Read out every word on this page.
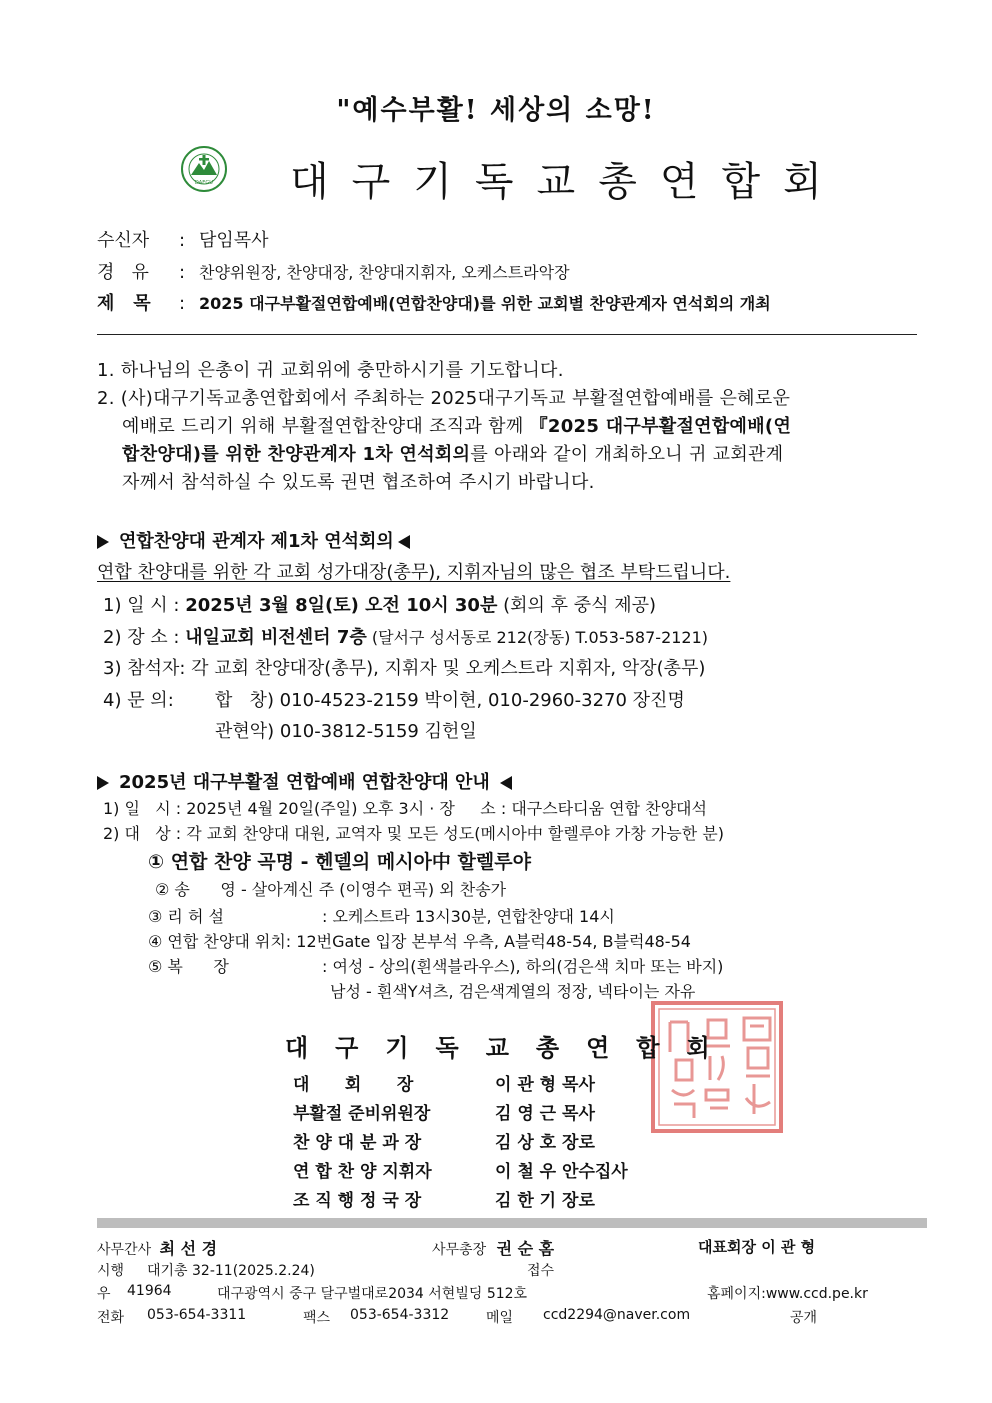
"예수부활! 세상의 소망!
DAEGU 대구기독교총연합회
수신자 : 담임목사
경   유 : 찬양위원장, 찬양대장, 찬양대지휘자, 오케스트라악장
제   목 : 2025 대구부활절연합예배(연합찬양대)를 위한 교회별 찬양관계자 연석회의 개최
1. 하나님의 은총이 귀 교회위에 충만하시기를 기도합니다.
2. (사)대구기독교총연합회에서 주최하는 2025대구기독교 부활절연합예배를 은혜로운
예배로 드리기 위해 부활절연합찬양대 조직과 함께 『2025 대구부활절연합예배(연
합찬양대)를 위한 찬양관계자 1차 연석회의를 아래와 같이 개최하오니 귀 교회관계
자께서 참석하실 수 있도록 권면 협조하여 주시기 바랍니다.
연합찬양대 관계자 제1차 연석회의
연합 찬양대를 위한 각 교회 성가대장(총무), 지휘자님의 많은 협조 부탁드립니다.
1) 일 시 : 2025년 3월 8일(토) 오전 10시 30분 (회의 후 중식 제공)
2) 장 소 : 내일교회 비전센터 7층 (달서구 성서동로 212(장동) T.053-587-2121)
3) 참석자: 각 교회 찬양대장(총무), 지휘자 및 오케스트라 지휘자, 악장(총무)
4) 문 의: 합   창) 010-4523-2159 박이현, 010-2960-3270 장진명
관현악) 010-3812-5159 김헌일
2025년 대구부활절 연합예배 연합찬양대 안내
1) 일   시 : 2025년 4월 20일(주일) 오후 3시 · 장     소 : 대구스타디움 연합 찬양대석
2) 대   상 : 각 교회 찬양대 대원, 교역자 및 모든 성도(메시아中 할렐루야 가창 가능한 분)
① 연합 찬양 곡명 - 헨델의 메시아中 할렐루야
② 송      영 - 살아계신 주 (이영수 편곡) 외 찬송가
③ 리 허 설	: 오케스트라 13시30분, 연합찬양대 14시
④ 연합 찬양대 위치: 12번Gate 입장 본부석 우측, A블럭48-54, B블럭48-54
⑤ 복      장	: 여성 - 상의(흰색블라우스), 하의(검은색 치마 또는 바지)
남성 - 흰색Y셔츠, 검은색계열의 정장, 넥타이는 자유
대구기독교총연합회
대      회      장	이 관 형 목사
부활절 준비위원장	김 영 근 목사
찬 양 대 분 과 장	김 상 호 장로
연 합 찬 양 지휘자	이 철 우 안수집사
조 직 행 정 국 장	김 한 기 장로
사무간사 최 선 경	사무총장 권 순 홈	대표회장 이 관 형
시행 대기총 32-11(2025.2.24)	접수
우 41964	대구광역시 중구 달구벌대로2034 서현빌딩 512호	홈페이지:www.ccd.pe.kr
전화 053-654-3311	팩스 053-654-3312	메일 ccd2294@naver.com	공개
